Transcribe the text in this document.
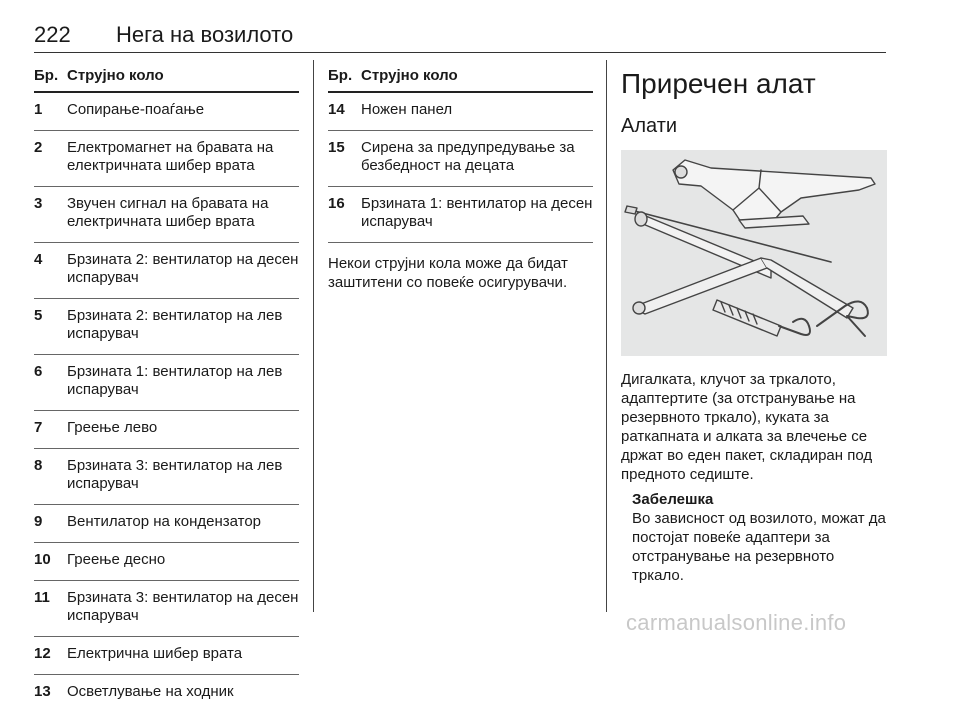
222 Нега на возилото
Бр. Струјно коло
1 Сопирање-поаѓање
2 Електромагнет на бравата на електричната шибер врата
3 Звучен сигнал на бравата на електричната шибер врата
4 Брзината 2: вентилатор на десен испарувач
5 Брзината 2: вентилатор на лев испарувач
6 Брзината 1: вентилатор на лев испарувач
7 Греење лево
8 Брзината 3: вентилатор на лев испарувач
9 Вентилатор на кондензатор
10 Греење десно
11 Брзината 3: вентилатор на десен испарувач
12 Електрична шибер врата
13 Осветлување на ходник
Бр. Струјно коло
14 Ножен панел
15 Сирена за предупредување за безбедност на децата
16 Брзината 1: вентилатор на десен испарувач
Некои струјни кола може да бидат заштитени со повеќе осигурувачи.
Приречен алат
Алати
Дигалката, клучот за тркалото, адаптертите (за отстранување на резервното тркало), куката за раткапната и алката за влечење се држат во еден пакет, складиран под предното седиште.
Забелешка
Во зависност од возилото, можат да постојат повеќе адаптери за отстранување на резервното тркало.
carmanualsonline.info
